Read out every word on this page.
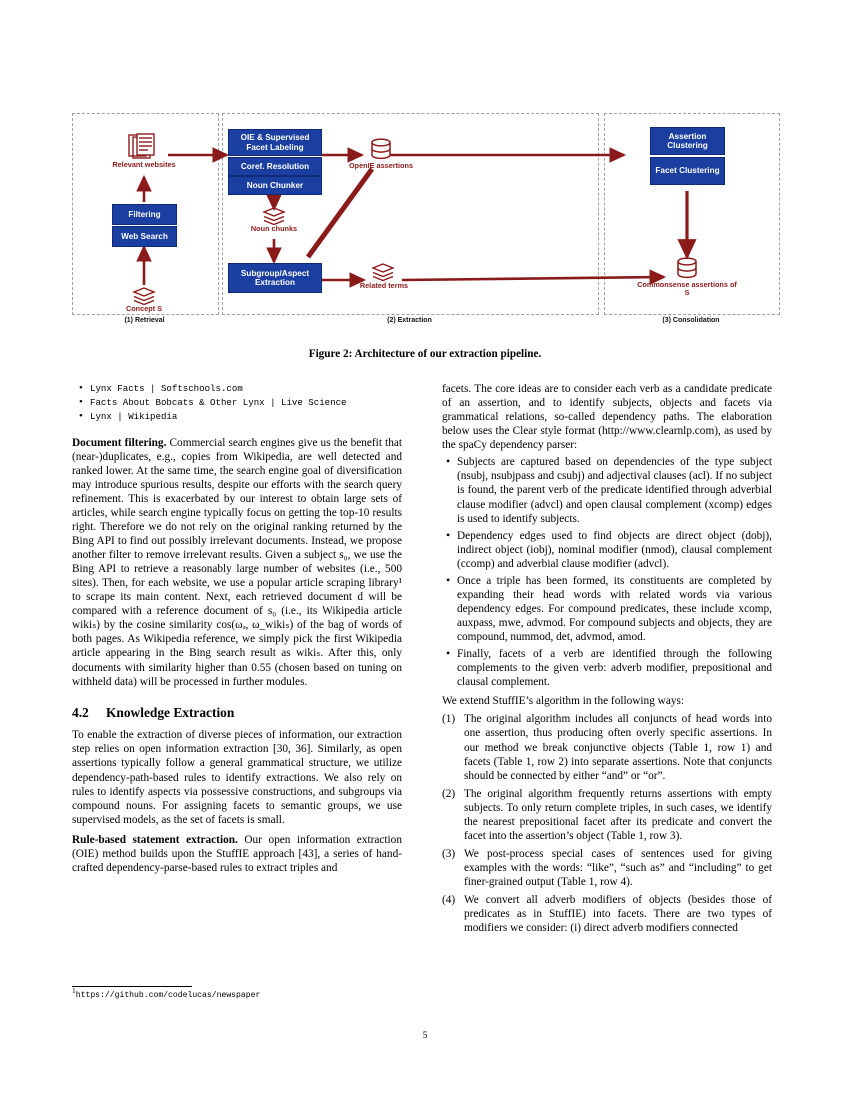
Relevant websites
Concept S
Filtering
Web Search
OIE & Supervised Facet Labeling
Coref. Resolution
Noun Chunker
Subgroup/Aspect Extraction
Noun chunks
Related terms
OpenIE assertions
Assertion Clustering
Facet Clustering
Commonsense assertions of S
(1) Retrieval	(2) Extraction	(3) Consolidation
Figure 2: Architecture of our extraction pipeline.
• Lynx Facts | Softschools.com
• Facts About Bobcats & Other Lynx | Live Science
• Lynx | Wikipedia

Document filtering. Commercial search engines give us the benefit that (near-)duplicates, e.g., copies from Wikipedia, are well detected and ranked lower. At the same time, the search engine goal of diversification may introduce spurious results, despite our efforts with the search query refinement. This is exacerbated by our interest to obtain large sets of articles, while search engine typically focus on getting the top-10 results right. Therefore we do not rely on the original ranking returned by the Bing API to find out possibly irrelevant documents. Instead, we propose another filter to remove irrelevant results. Given a subject s₀, we use the Bing API to retrieve a reasonably large number of websites (i.e., 500 sites). Then, for each website, we use a popular article scraping library¹ to scrape its main content. Next, each retrieved document d will be compared with a reference document of s₀ (i.e., its Wikipedia article wikiₛ) by the cosine similarity cos(ωₔ, ω_wikiₛ) of the bag of words of both pages. As Wikipedia reference, we simply pick the first Wikipedia article appearing in the Bing search result as wikiₛ. After this, only documents with similarity higher than 0.55 (chosen based on tuning on withheld data) will be processed in further modules.

4.2 Knowledge Extraction

To enable the extraction of diverse pieces of information, our extraction step relies on open information extraction [30, 36]. Similarly, as open assertions typically follow a general grammatical structure, we utilize dependency-path-based rules to identify extractions. We also rely on rules to identify aspects via possessive constructions, and subgroups via compound nouns. For assigning facets to semantic groups, we use supervised models, as the set of facets is small.

Rule-based statement extraction. Our open information extraction (OIE) method builds upon the StuffIE approach [43], a series of hand-crafted dependency-parse-based rules to extract triples and

facets. The core ideas are to consider each verb as a candidate predicate of an assertion, and to identify subjects, objects and facets via grammatical relations, so-called dependency paths. The elaboration below uses the Clear style format (http://www.clearnlp.com), as used by the spaCy dependency parser:

• Subjects are captured based on dependencies of the type subject (nsubj, nsubjpass and csubj) and adjectival clauses (acl). If no subject is found, the parent verb of the predicate identified through adverbial clause modifier (advcl) and open clausal complement (xcomp) edges is used to identify subjects.
• Dependency edges used to find objects are direct object (dobj), indirect object (iobj), nominal modifier (nmod), clausal complement (ccomp) and adverbial clause modifier (advcl).
• Once a triple has been formed, its constituents are completed by expanding their head words with related words via various dependency edges. For compound predicates, these include xcomp, auxpass, mwe, advmod. For compound subjects and objects, they are compound, nummod, det, advmod, amod.
• Finally, facets of a verb are identified through the following complements to the given verb: adverb modifier, prepositional and clausal complement.

We extend StuffIE’s algorithm in the following ways:

(1) The original algorithm includes all conjuncts of head words into one assertion, thus producing often overly specific assertions. In our method we break conjunctive objects (Table 1, row 1) and facets (Table 1, row 2) into separate assertions. Note that conjuncts should be connected by either “and” or “or”.
(2) The original algorithm frequently returns assertions with empty subjects. To only return complete triples, in such cases, we identify the nearest prepositional facet after its predicate and convert the facet into the assertion’s object (Table 1, row 3).
(3) We post-process special cases of sentences used for giving examples with the words: “like”, “such as” and “including” to get finer-grained output (Table 1, row 4).
(4) We convert all adverb modifiers of objects (besides those of predicates as in StuffIE) into facets. There are two types of modifiers we consider: (i) direct adverb modifiers connected
$^1$https://github.com/codelucas/newspaper
5
